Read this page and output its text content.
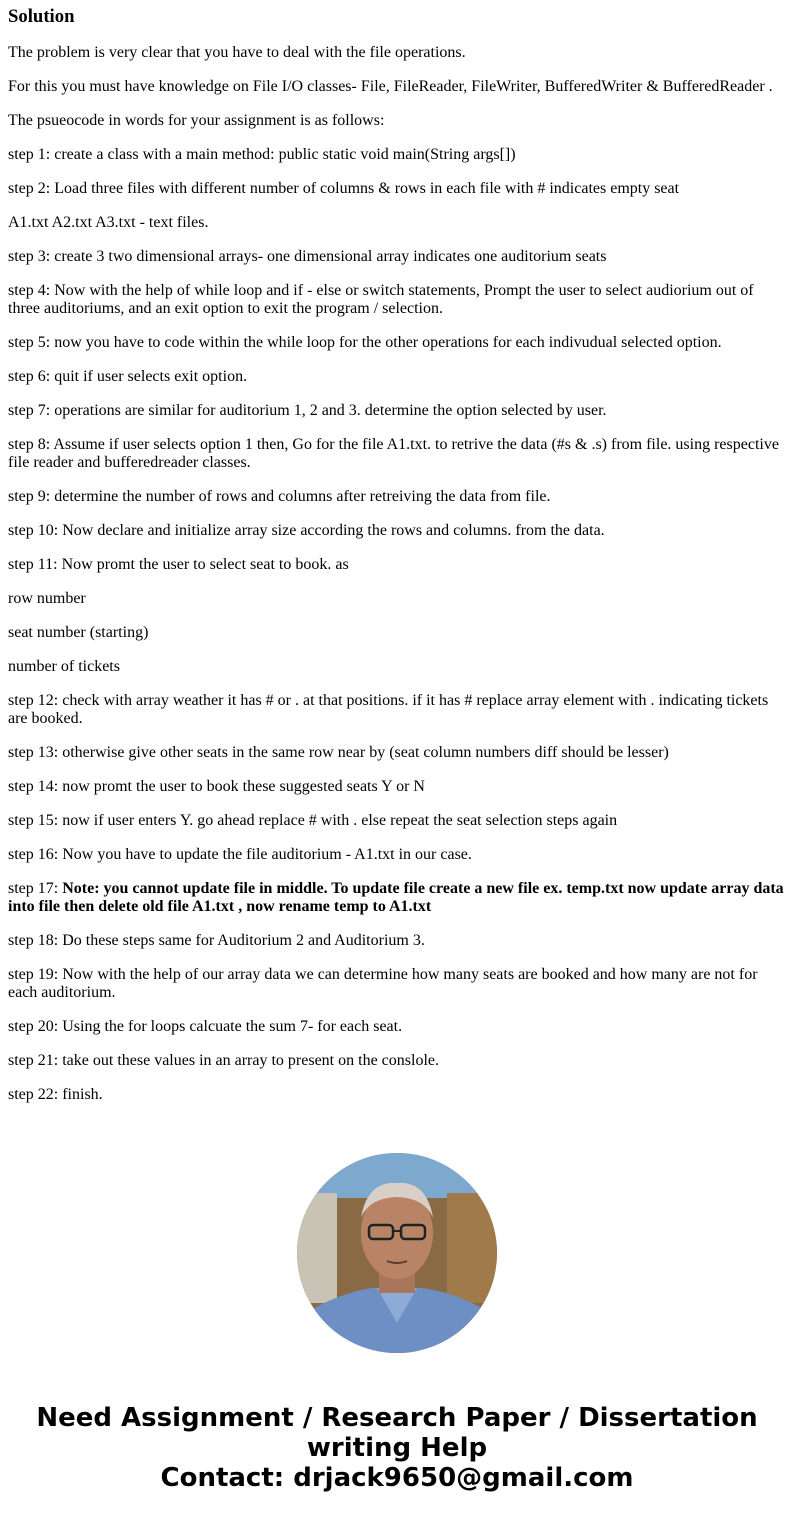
Solution

The problem is very clear that you have to deal with the file operations.

For this you must have knowledge on File I/O classes- File, FileReader, FileWriter, BufferedWriter & BufferedReader .

The psueocode in words for your assignment is as follows:

step 1: create a class with a main method: public static void main(String args[])

step 2: Load three files with different number of columns & rows in each file with # indicates empty seat

A1.txt A2.txt A3.txt - text files.

step 3: create 3 two dimensional arrays- one dimensional array indicates one auditorium seats

step 4: Now with the help of while loop and if - else or switch statements, Prompt the user to select audiorium out of three auditoriums, and an exit option to exit the program / selection.

step 5: now you have to code within the while loop for the other operations for each indivudual selected option.

step 6: quit if user selects exit option.

step 7: operations are similar for auditorium 1, 2 and 3. determine the option selected by user.

step 8: Assume if user selects option 1 then, Go for the file A1.txt. to retrive the data (#s & .s) from file. using respective file reader and bufferedreader classes.

step 9: determine the number of rows and columns after retreiving the data from file.

step 10: Now declare and initialize array size according the rows and columns. from the data.

step 11: Now promt the user to select seat to book. as

row number

seat number (starting)

number of tickets

step 12: check with array weather it has # or . at that positions. if it has # replace array element with . indicating tickets are booked.

step 13: otherwise give other seats in the same row near by (seat column numbers diff should be lesser)

step 14: now promt the user to book these suggested seats Y or N

step 15: now if user enters Y. go ahead replace # with . else repeat the seat selection steps again

step 16: Now you have to update the file auditorium - A1.txt in our case.

step 17: Note: you cannot update file in middle. To update file create a new file ex. temp.txt now update array data into file then delete old file A1.txt , now rename temp to A1.txt

step 18: Do these steps same for Auditorium 2 and Auditorium 3.

step 19: Now with the help of our array data we can determine how many seats are booked and how many are not for each auditorium.

step 20: Using the for loops calcuate the sum 7- for each seat.

step 21: take out these values in an array to present on the conslole.

step 22: finish.

Need Assignment / Research Paper / Dissertation
writing Help
Contact: drjack9650@gmail.com
